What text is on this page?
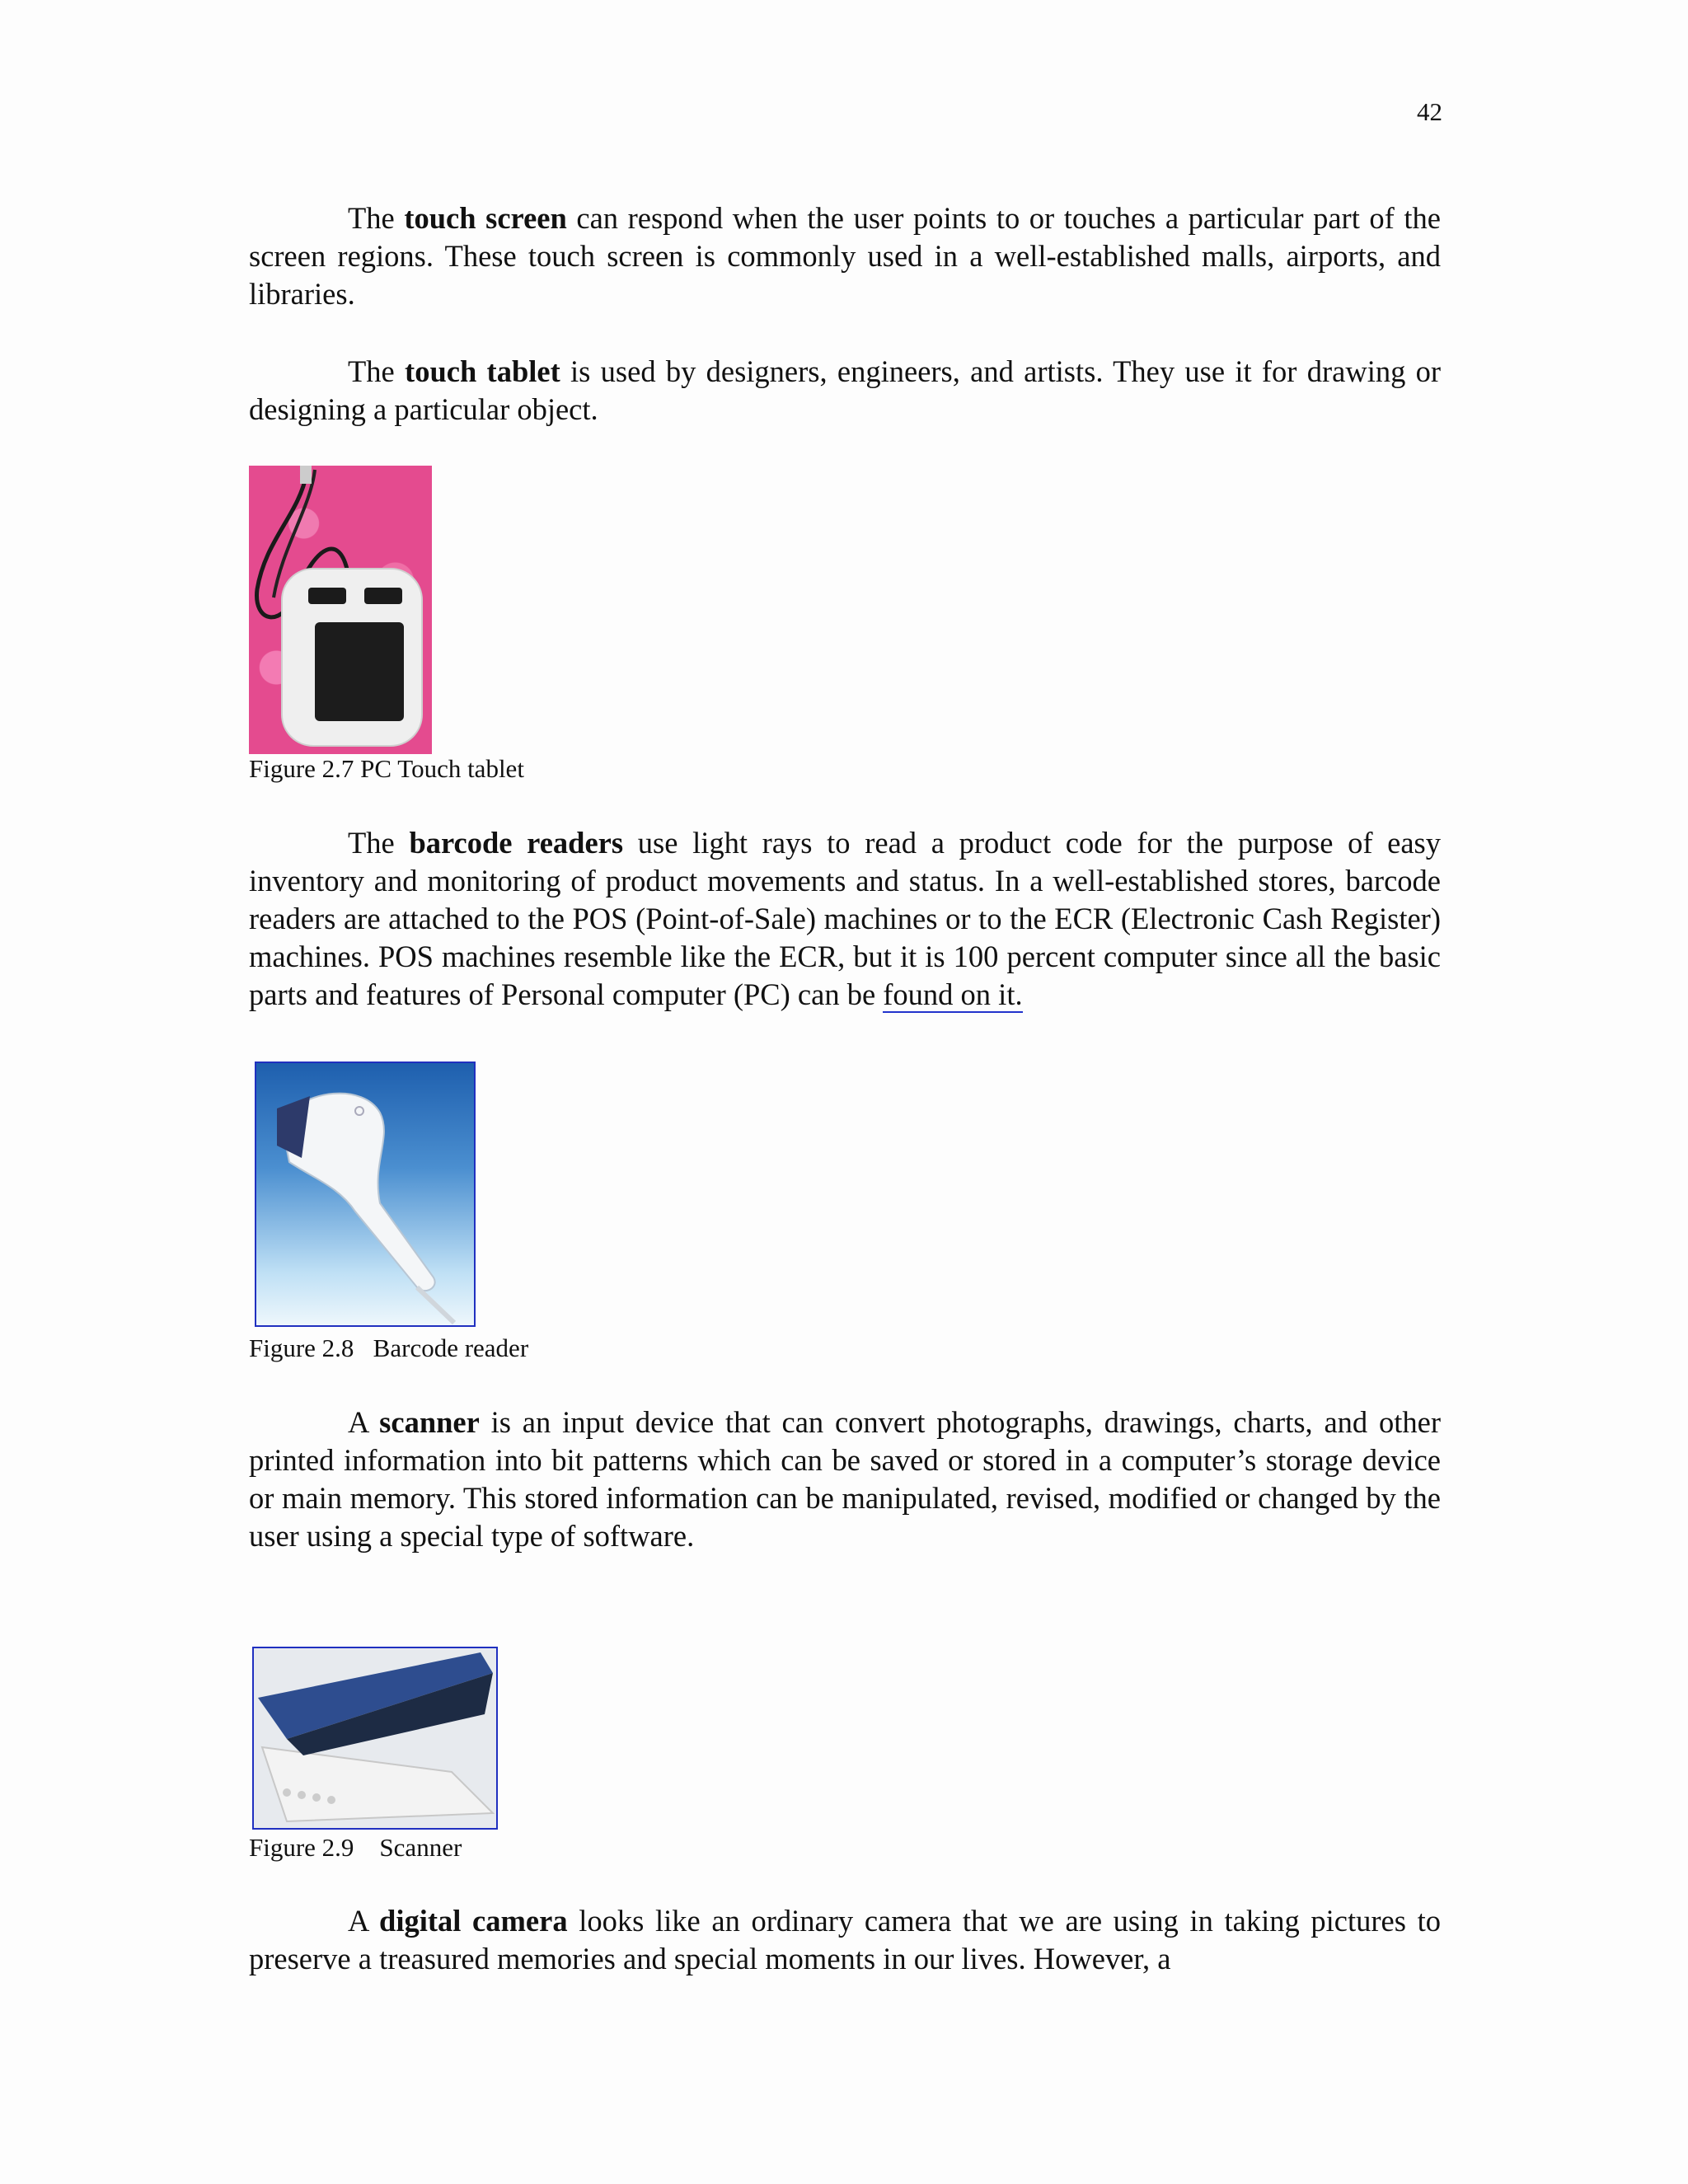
42

The touch screen can respond when the user points to or touches a particular part of the screen regions. These touch screen is commonly used in a well-established malls, airports, and libraries.

The touch tablet is used by designers, engineers, and artists. They use it for drawing or designing a particular object.

Figure 2.7 PC Touch tablet

The barcode readers use light rays to read a product code for the purpose of easy inventory and monitoring of product movements and status. In a well-established stores, barcode readers are attached to the POS (Point-of-Sale) machines or to the ECR (Electronic Cash Register) machines. POS machines resemble like the ECR, but it is 100 percent computer since all the basic parts and features of Personal computer (PC) can be found on it.

Figure 2.8   Barcode reader

A scanner is an input device that can convert photographs, drawings, charts, and other printed information into bit patterns which can be saved or stored in a computer’s storage device or main memory. This stored information can be manipulated, revised, modified or changed by the user using a special type of software.

Figure 2.9    Scanner

A digital camera looks like an ordinary camera that we are using in taking pictures to preserve a treasured memories and special moments in our lives. However, a
